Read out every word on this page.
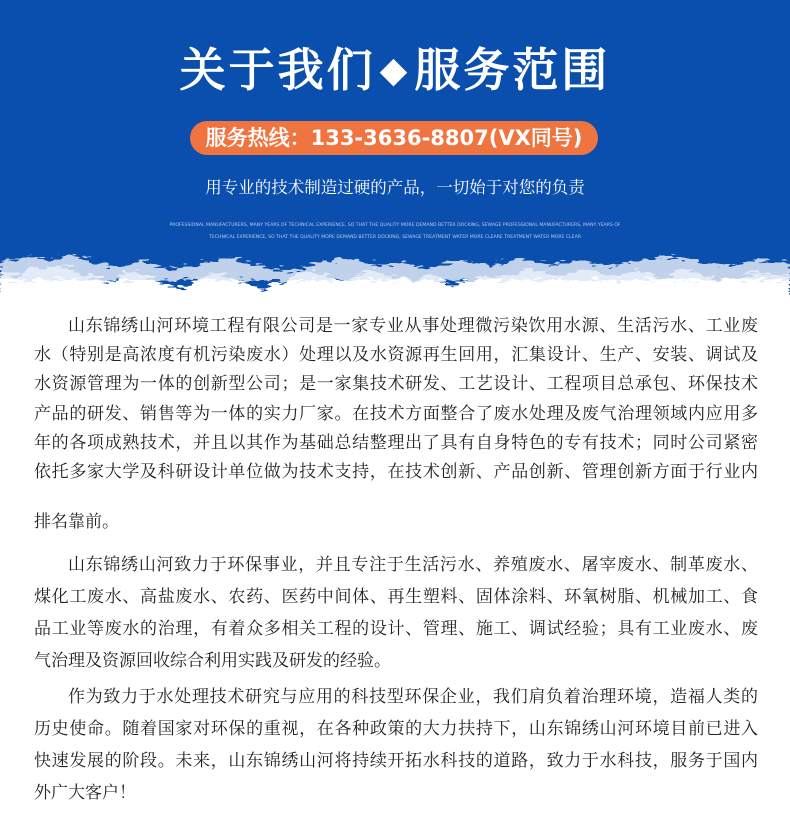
关于我们 ◆服务范围
服务热线：133-3636-8807(VX同号)
用专业的技术制造过硬的产品，一切始于对您的负责
PROFESSIONAL MANUFACTURERS, MANY YEARS OF TECHNICAL EXPERIENCE, SO THAT THE QUALITY MORE DEMAND BETTER DOCKING, SEWAGE PROFESSIONAL MANUFACTURERS, MANY YEARS OF
TECHNICAL EXPERIENCE, SO THAT THE QUALITY MORE DEMAND BETTER DOCKING, SEWAGE TREATMENT WATER MORE CLEARE TREATMENT WATER MORE CLEAR
山东锦绣山河环境工程有限公司是一家专业从事处理微污染饮用水源、生活污水、工业废
水（特别是高浓度有机污染废水）处理以及水资源再生回用，汇集设计、生产、安装、调试及
水资源管理为一体的创新型公司；是一家集技术研发、工艺设计、工程项目总承包、环保技术
产品的研发、销售等为一体的实力厂家。在技术方面整合了废水处理及废气治理领域内应用多
年的各项成熟技术，并且以其作为基础总结整理出了具有自身特色的专有技术；同时公司紧密
依托多家大学及科研设计单位做为技术支持，在技术创新、产品创新、管理创新方面于行业内
排名靠前。
山东锦绣山河致力于环保事业，并且专注于生活污水、养殖废水、屠宰废水、制革废水、
煤化工废水、高盐废水、农药、医药中间体、再生塑料、固体涂料、环氧树脂、机械加工、食
品工业等废水的治理，有着众多相关工程的设计、管理、施工、调试经验；具有工业废水、废
气治理及资源回收综合利用实践及研发的经验。
作为致力于水处理技术研究与应用的科技型环保企业，我们肩负着治理环境，造福人类的
历史使命。随着国家对环保的重视，在各种政策的大力扶持下，山东锦绣山河环境目前已进入
快速发展的阶段。未来，山东锦绣山河将持续开拓水科技的道路，致力于水科技，服务于国内
外广大客户！
